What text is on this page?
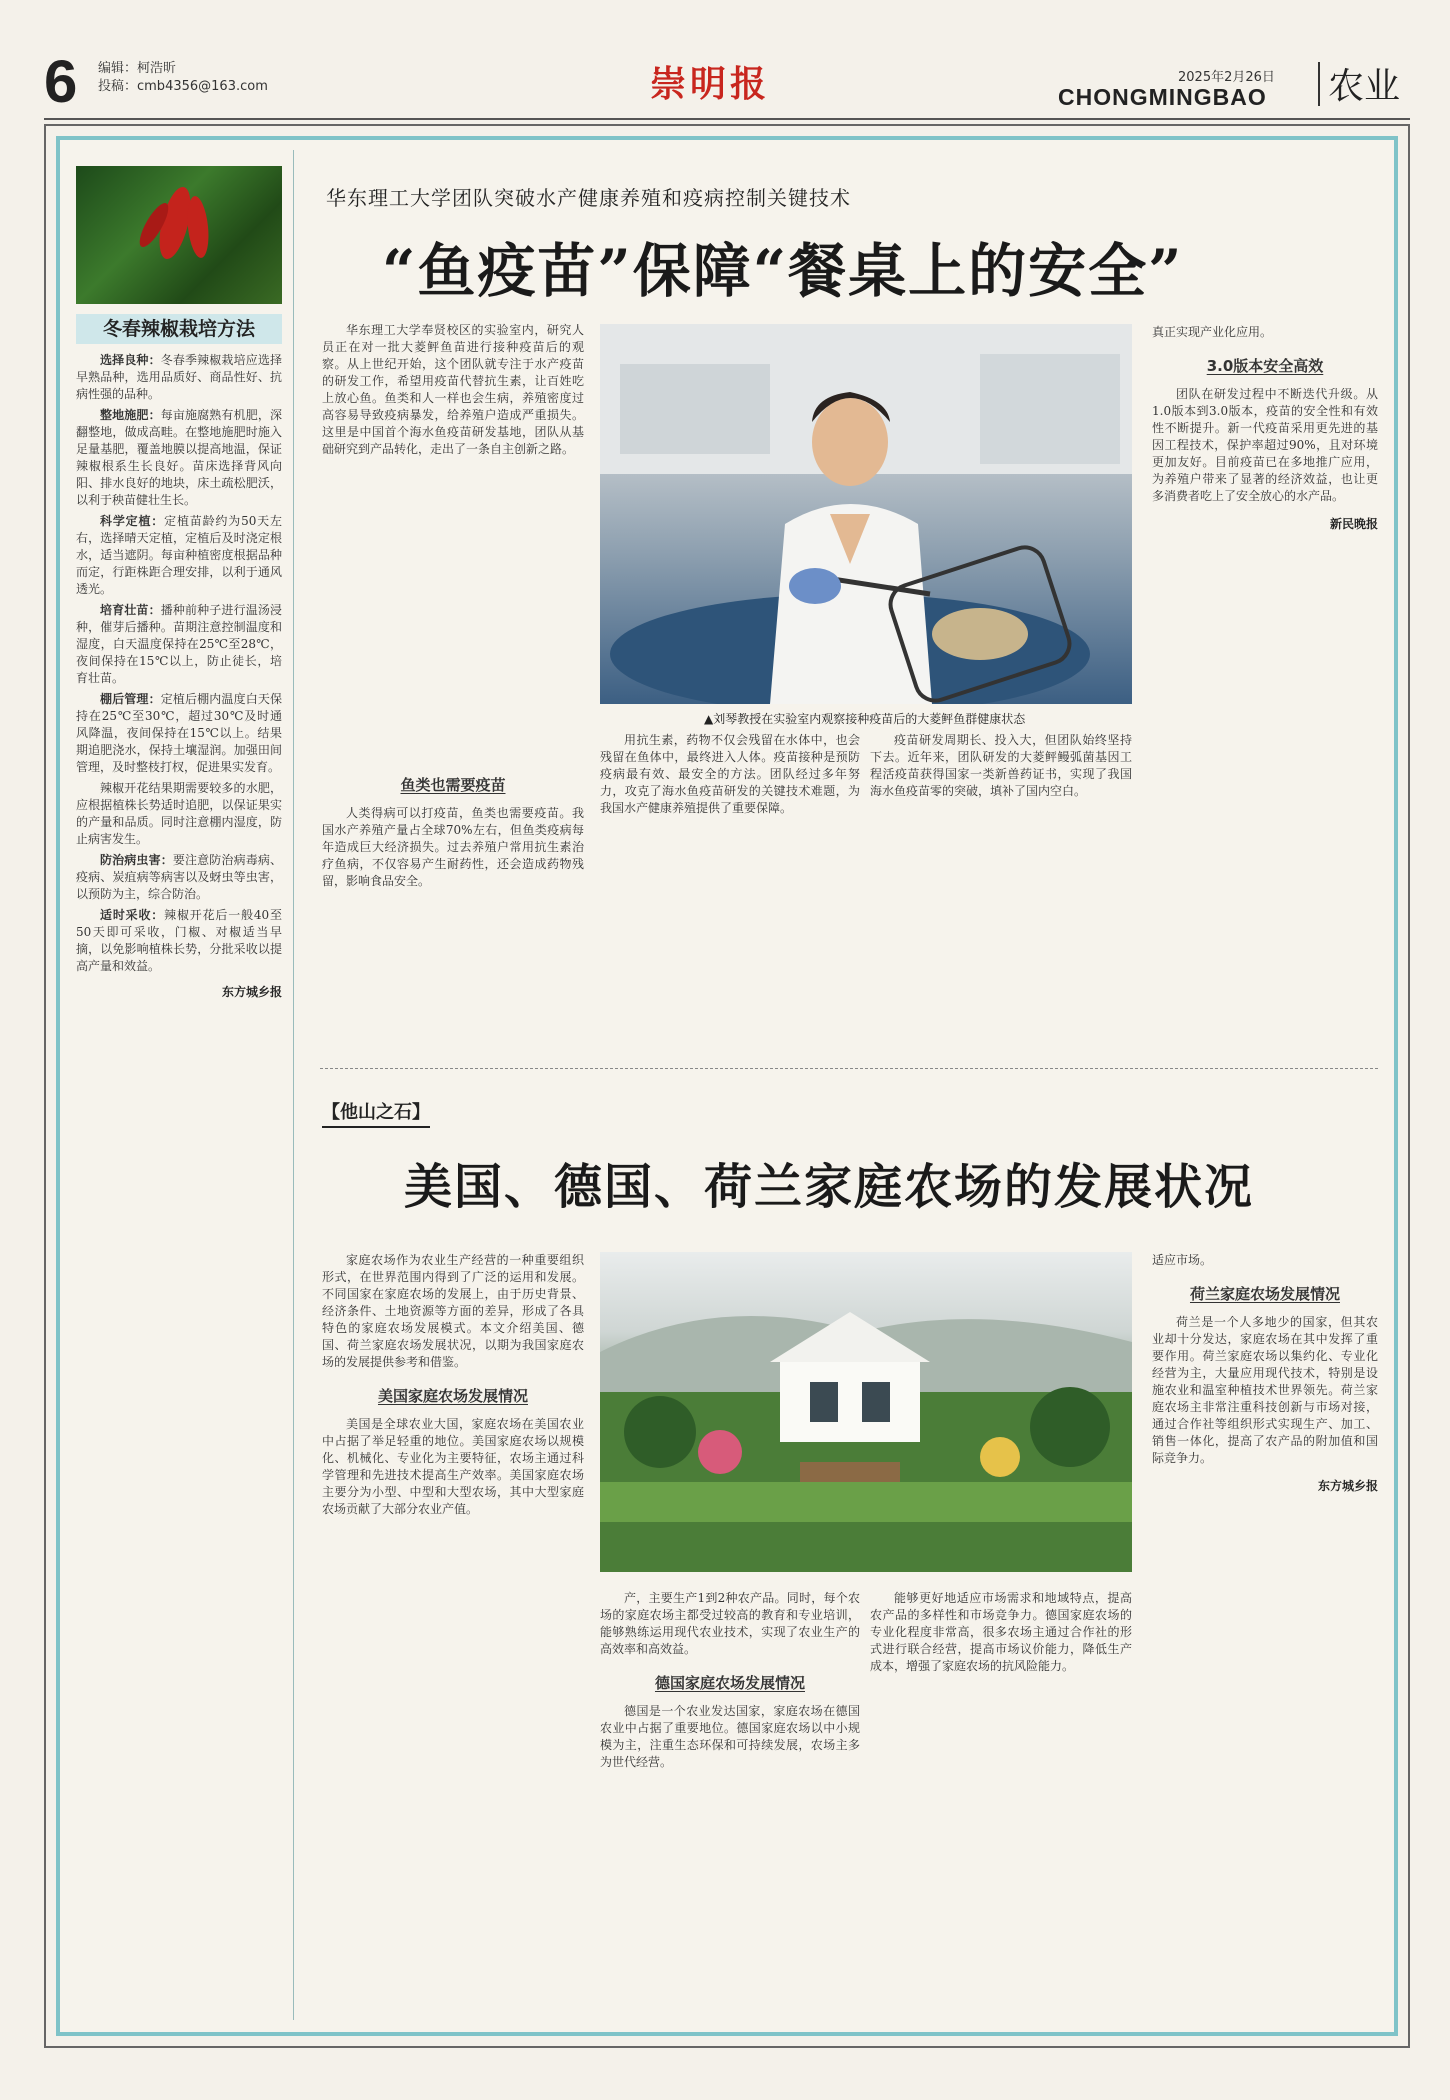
6 编辑：柯浩昕
投稿：cmb4356@163.com	崇明报	2025年2月26日
CHONGMINGBAO 农业
冬春辣椒栽培方法

选择良种：冬春季辣椒栽培应选择早熟品种，选用品质好、商品性好、抗病性强的品种。

整地施肥：每亩施腐熟有机肥，深翻整地，做成高畦。在整地施肥时施入足量基肥，覆盖地膜以提高地温，保证辣椒根系生长良好。苗床选择背风向阳、排水良好的地块，床土疏松肥沃，以利于秧苗健壮生长。

科学定植：定植苗龄约为50天左右，选择晴天定植，定植后及时浇定根水，适当遮阴。每亩种植密度根据品种而定，行距株距合理安排，以利于通风透光。

培育壮苗：播种前种子进行温汤浸种，催芽后播种。苗期注意控制温度和湿度，白天温度保持在25℃至28℃，夜间保持在15℃以上，防止徒长，培育壮苗。

棚后管理：定植后棚内温度白天保持在25℃至30℃，超过30℃及时通风降温，夜间保持在15℃以上。结果期追肥浇水，保持土壤湿润。加强田间管理，及时整枝打杈，促进果实发育。

辣椒开花结果期需要较多的水肥，应根据植株长势适时追肥，以保证果实的产量和品质。同时注意棚内湿度，防止病害发生。

防治病虫害：要注意防治病毒病、疫病、炭疽病等病害以及蚜虫等虫害，以预防为主，综合防治。

适时采收：辣椒开花后一般40至50天即可采收，门椒、对椒适当早摘，以免影响植株长势，分批采收以提高产量和效益。

东方城乡报

华东理工大学团队突破水产健康养殖和疫病控制关键技术
“鱼疫苗”保障“餐桌上的安全”

华东理工大学奉贤校区的实验室内，研究人员正在对一批大菱鲆鱼苗进行接种疫苗后的观察。从上世纪开始，这个团队就专注于水产疫苗的研发工作，希望用疫苗代替抗生素，让百姓吃上放心鱼。鱼类和人一样也会生病，养殖密度过高容易导致疫病暴发，给养殖户造成严重损失。这里是中国首个海水鱼疫苗研发基地，团队从基础研究到产品转化，走出了一条自主创新之路。

鱼类也需要疫苗

人类得病可以打疫苗，鱼类也需要疫苗。我国水产养殖产量占全球70%左右，但鱼类疫病每年造成巨大经济损失。过去养殖户常用抗生素治疗鱼病，不仅容易产生耐药性，还会造成药物残留，影响食品安全。

▲刘琴教授在实验室内观察接种疫苗后的大菱鲆鱼群健康状态

用抗生素，药物不仅会残留在水体中，也会残留在鱼体中，最终进入人体。疫苗接种是预防疫病最有效、最安全的方法。团队经过多年努力，攻克了海水鱼疫苗研发的关键技术难题，为我国水产健康养殖提供了重要保障。

疫苗研发周期长、投入大，但团队始终坚持下去。近年来，团队研发的大菱鲆鳗弧菌基因工程活疫苗获得国家一类新兽药证书，实现了我国海水鱼疫苗零的突破，填补了国内空白。

真正实现产业化应用。

3.0版本安全高效

团队在研发过程中不断迭代升级。从1.0版本到3.0版本，疫苗的安全性和有效性不断提升。新一代疫苗采用更先进的基因工程技术，保护率超过90%，且对环境更加友好。目前疫苗已在多地推广应用，为养殖户带来了显著的经济效益，也让更多消费者吃上了安全放心的水产品。

新民晚报

【他山之石】
美国、德国、荷兰家庭农场的发展状况

家庭农场作为农业生产经营的一种重要组织形式，在世界范围内得到了广泛的运用和发展。不同国家在家庭农场的发展上，由于历史背景、经济条件、土地资源等方面的差异，形成了各具特色的家庭农场发展模式。本文介绍美国、德国、荷兰家庭农场发展状况，以期为我国家庭农场的发展提供参考和借鉴。

美国家庭农场发展情况

美国是全球农业大国，家庭农场在美国农业中占据了举足轻重的地位。美国家庭农场以规模化、机械化、专业化为主要特征，农场主通过科学管理和先进技术提高生产效率。美国家庭农场主要分为小型、中型和大型农场，其中大型家庭农场贡献了大部分农业产值。

产，主要生产1到2种农产品。同时，每个农场的家庭农场主都受过较高的教育和专业培训，能够熟练运用现代农业技术，实现了农业生产的高效率和高效益。

德国家庭农场发展情况

德国是一个农业发达国家，家庭农场在德国农业中占据了重要地位。德国家庭农场以中小规模为主，注重生态环保和可持续发展，农场主多为世代经营。

能够更好地适应市场需求和地域特点，提高农产品的多样性和市场竞争力。德国家庭农场的专业化程度非常高，很多农场主通过合作社的形式进行联合经营，提高市场议价能力，降低生产成本，增强了家庭农场的抗风险能力。

适应市场。

荷兰家庭农场发展情况

荷兰是一个人多地少的国家，但其农业却十分发达，家庭农场在其中发挥了重要作用。荷兰家庭农场以集约化、专业化经营为主，大量应用现代技术，特别是设施农业和温室种植技术世界领先。荷兰家庭农场主非常注重科技创新与市场对接，通过合作社等组织形式实现生产、加工、销售一体化，提高了农产品的附加值和国际竞争力。

东方城乡报
